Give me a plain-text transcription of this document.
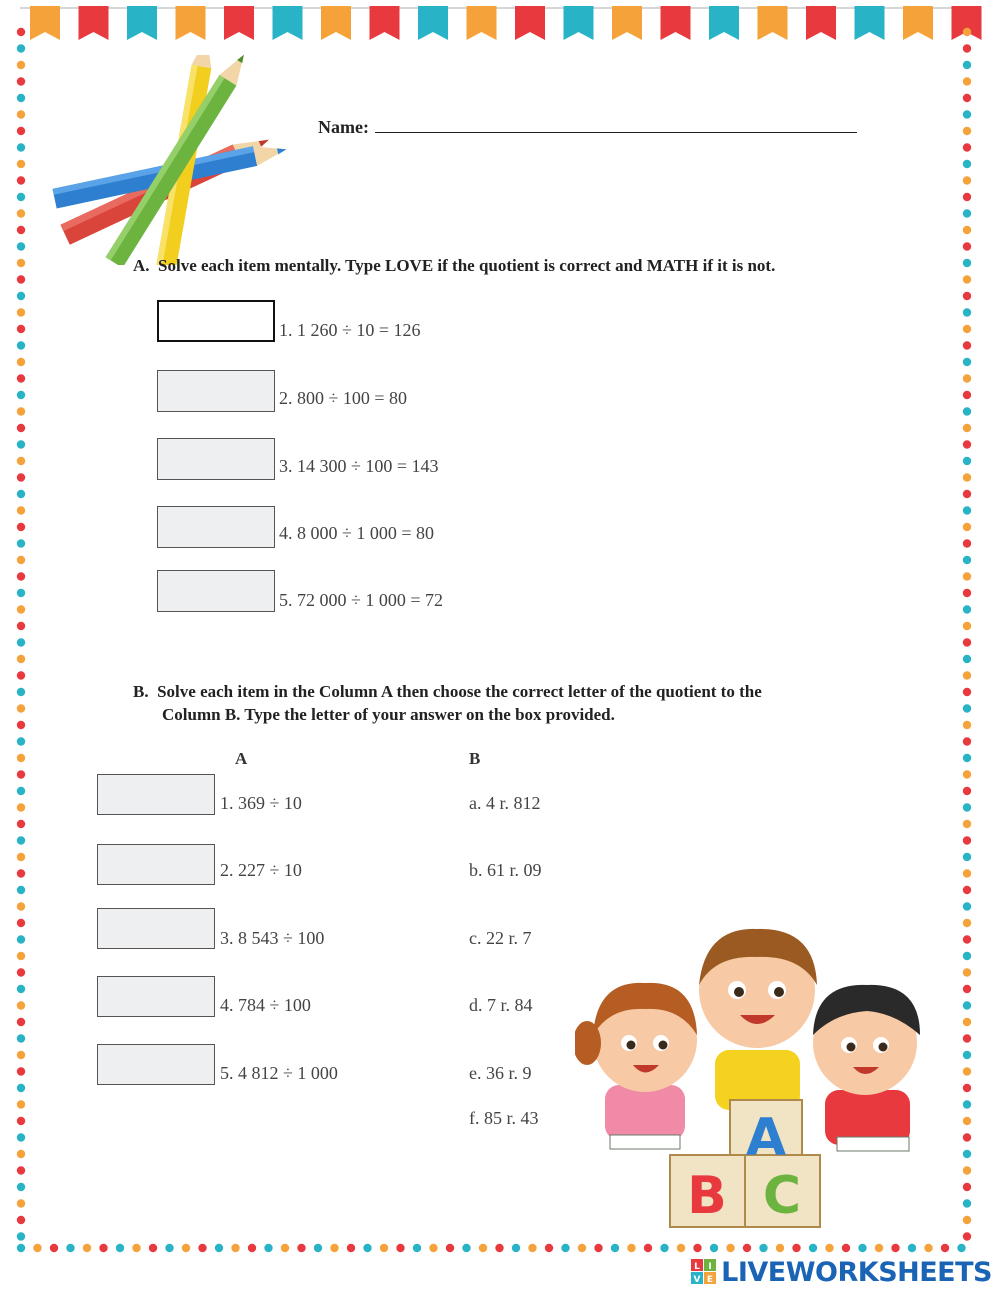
Name:
A. Solve each item mentally. Type LOVE if the quotient is correct and MATH if it is not.
1. 1 260 ÷ 10 = 126
2. 800 ÷ 100 = 80
3. 14 300 ÷ 100 = 143
4. 8 000 ÷ 1 000 = 80
5. 72 000 ÷ 1 000 = 72
B. Solve each item in the Column A then choose the correct letter of the quotient to the
Column B. Type the letter of your answer on the box provided.
A	B
1. 369 ÷ 10
2. 227 ÷ 10
3. 8 543 ÷ 100
4. 784 ÷ 100
5. 4 812 ÷ 1 000
a. 4 r. 812
b. 61 r. 09
c. 22 r. 7
d. 7 r. 84
e. 36 r. 9
f. 85 r. 43	A
B C
L I
V E LIVEWORKSHEETS
